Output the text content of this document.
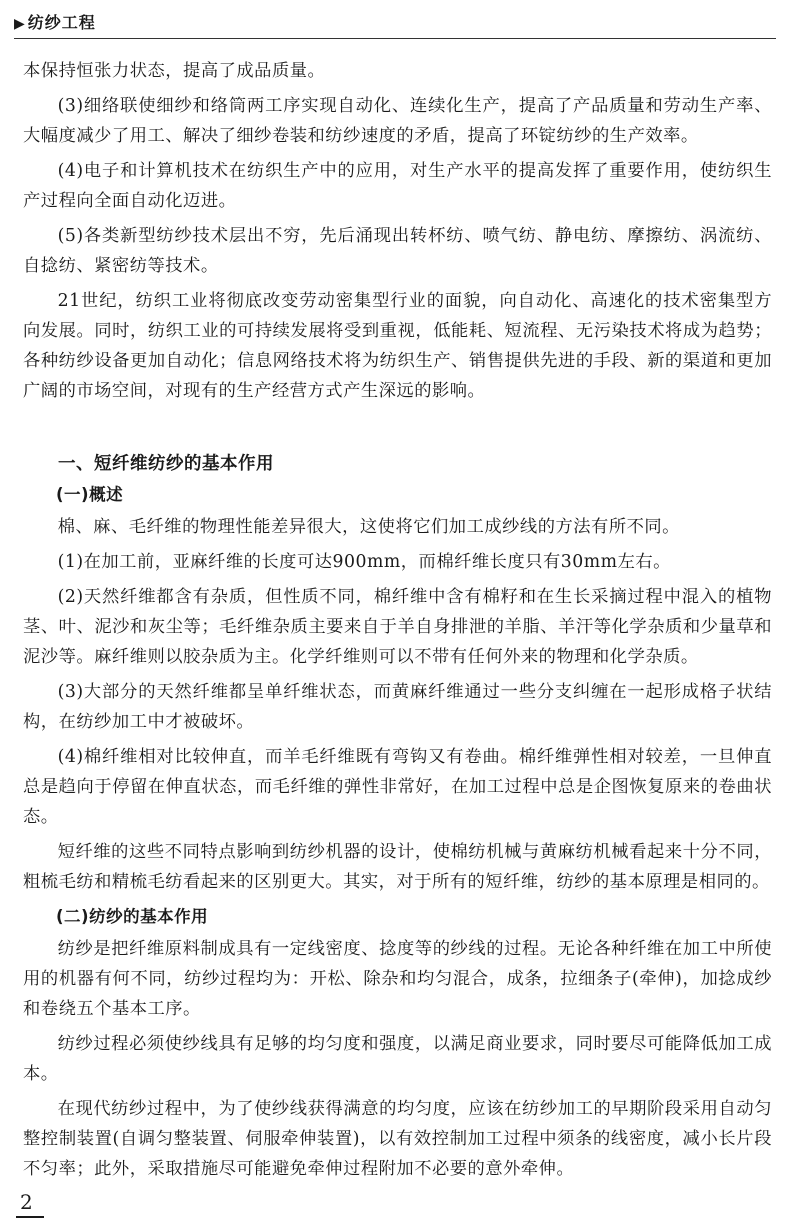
▶ 纺纱工程

本保持恒张力状态，提高了成品质量。

(3)细络联使细纱和络筒两工序实现自动化、连续化生产，提高了产品质量和劳动生产率、大幅度减少了用工、解决了细纱卷装和纺纱速度的矛盾，提高了环锭纺纱的生产效率。

(4)电子和计算机技术在纺织生产中的应用，对生产水平的提高发挥了重要作用，使纺织生产过程向全面自动化迈进。

(5)各类新型纺纱技术层出不穷，先后涌现出转杯纺、喷气纺、静电纺、摩擦纺、涡流纺、自捻纺、紧密纺等技术。

21世纪，纺织工业将彻底改变劳动密集型行业的面貌，向自动化、高速化的技术密集型方向发展。同时，纺织工业的可持续发展将受到重视，低能耗、短流程、无污染技术将成为趋势；各种纺纱设备更加自动化；信息网络技术将为纺织生产、销售提供先进的手段、新的渠道和更加广阔的市场空间，对现有的生产经营方式产生深远的影响。

一、短纤维纺纱的基本作用
(一)概述

棉、麻、毛纤维的物理性能差异很大，这使将它们加工成纱线的方法有所不同。

(1)在加工前，亚麻纤维的长度可达900mm，而棉纤维长度只有30mm左右。

(2)天然纤维都含有杂质，但性质不同，棉纤维中含有棉籽和在生长采摘过程中混入的植物茎、叶、泥沙和灰尘等；毛纤维杂质主要来自于羊自身排泄的羊脂、羊汗等化学杂质和少量草和泥沙等。麻纤维则以胶杂质为主。化学纤维则可以不带有任何外来的物理和化学杂质。

(3)大部分的天然纤维都呈单纤维状态，而黄麻纤维通过一些分支纠缠在一起形成格子状结构，在纺纱加工中才被破坏。

(4)棉纤维相对比较伸直，而羊毛纤维既有弯钩又有卷曲。棉纤维弹性相对较差，一旦伸直总是趋向于停留在伸直状态，而毛纤维的弹性非常好，在加工过程中总是企图恢复原来的卷曲状态。

短纤维的这些不同特点影响到纺纱机器的设计，使棉纺机械与黄麻纺机械看起来十分不同，粗梳毛纺和精梳毛纺看起来的区别更大。其实，对于所有的短纤维，纺纱的基本原理是相同的。

(二)纺纱的基本作用

纺纱是把纤维原料制成具有一定线密度、捻度等的纱线的过程。无论各种纤维在加工中所使用的机器有何不同，纺纱过程均为：开松、除杂和均匀混合，成条，拉细条子(牵伸)，加捻成纱和卷绕五个基本工序。

纺纱过程必须使纱线具有足够的均匀度和强度，以满足商业要求，同时要尽可能降低加工成本。

在现代纺纱过程中，为了使纱线获得满意的均匀度，应该在纺纱加工的早期阶段采用自动匀整控制装置(自调匀整装置、伺服牵伸装置)，以有效控制加工过程中须条的线密度，减小长片段不匀率；此外，采取措施尽可能避免牵伸过程附加不必要的意外牵伸。

2
